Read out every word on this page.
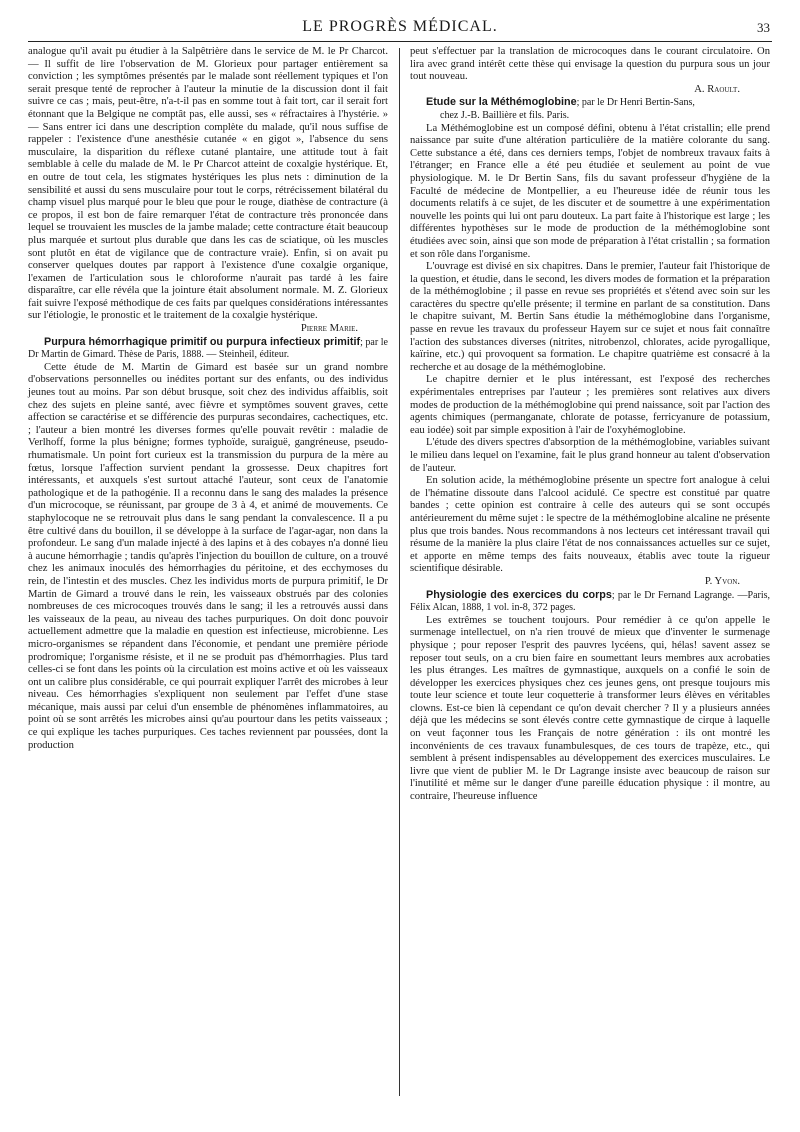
LE PROGRÈS MÉDICAL.	33

analogue qu'il avait pu étudier à la Salpêtrière dans le service de M. le Pr Charcot. — Il suffit de lire l'observation de M. Glorieux pour partager entièrement sa conviction ; les symptômes présentés par le malade sont réellement typiques et l'on serait presque tenté de reprocher à l'auteur la minutie de la discussion dont il fait suivre ce cas ; mais, peut-être, n'a-t-il pas en somme tout à fait tort, car il serait fort étonnant que la Belgique ne comptât pas, elle aussi, ses « réfractaires à l'hystérie. » — Sans entrer ici dans une description complète du malade, qu'il nous suffise de rappeler : l'existence d'une anesthésie cutanée « en gigot », l'absence du sens musculaire, la disparition du réflexe cutané plantaire, une attitude tout à fait semblable à celle du malade de M. le Pr Charcot atteint de coxalgie hystérique. Et, en outre de tout cela, les stigmates hystériques les plus nets : diminution de la sensibilité et aussi du sens musculaire pour tout le corps, rétrécissement bilatéral du champ visuel plus marqué pour le bleu que pour le rouge, diathèse de contracture (à ce propos, il est bon de faire remarquer l'état de contracture très prononcée dans lequel se trouvaient les muscles de la jambe malade; cette contracture était beaucoup plus marquée et surtout plus durable que dans les cas de sciatique, où les muscles sont plutôt en état de vigilance que de contracture vraie). Enfin, si on avait pu conserver quelques doutes par rapport à l'existence d'une coxalgie organique, l'examen de l'articulation sous le chloroforme n'aurait pas tardé à les faire disparaître, car elle révéla que la jointure était absolument normale. M. Z. Glorieux fait suivre l'exposé méthodique de ces faits par quelques considérations intéressantes sur l'étiologie, le pronostic et le traitement de la coxalgie hystérique.

Pierre Marie.

Purpura hémorrhagique primitif ou purpura infectieux primitif; par le Dr Martin de Gimard. Thèse de Paris, 1888. — Steinheil, éditeur.

Cette étude de M. Martin de Gimard est basée sur un grand nombre d'observations personnelles ou inédites portant sur des enfants, ou des individus jeunes tout au moins. Par son début brusque, soit chez des individus affaiblis, soit chez des sujets en pleine santé, avec fièvre et symptômes souvent graves, cette affection se caractérise et se différencie des purpuras secondaires, cachectiques, etc. ; l'auteur a bien montré les diverses formes qu'elle pouvait revêtir : maladie de Verlhoff, forme la plus bénigne; formes typhoïde, suraiguë, gangréneuse, pseudo-rhumatismale. Un point fort curieux est la transmission du purpura de la mère au fœtus, lorsque l'affection survient pendant la grossesse. Deux chapitres fort intéressants, et auxquels s'est surtout attaché l'auteur, sont ceux de l'anatomie pathologique et de la pathogénie. Il a reconnu dans le sang des malades la présence d'un microcoque, se réunissant, par groupe de 3 à 4, et animé de mouvements. Ce staphylocoque ne se retrouvait plus dans le sang pendant la convalescence. Il a pu être cultivé dans du bouillon, il se développe à la surface de l'agar-agar, non dans la profondeur. Le sang d'un malade injecté à des lapins et à des cobayes n'a donné lieu à aucune hémorrhagie ; tandis qu'après l'injection du bouillon de culture, on a trouvé chez les animaux inoculés des hémorrhagies du péritoine, et des ecchymoses du rein, de l'intestin et des muscles. Chez les individus morts de purpura primitif, le Dr Martin de Gimard a trouvé dans le rein, les vaisseaux obstrués par des colonies nombreuses de ces microcoques trouvés dans le sang; il les a retrouvés aussi dans les vaisseaux de la peau, au niveau des taches purpuriques. On doit donc pouvoir actuellement admettre que la maladie en question est infectieuse, microbienne. Les micro-organismes se répandent dans l'économie, et pendant une première période prodromique; l'organisme résiste, et il ne se produit pas d'hémorrhagies. Plus tard celles-ci se font dans les points où la circulation est moins active et où les vaisseaux ont un calibre plus considérable, ce qui pourrait expliquer l'arrêt des microbes à leur niveau. Ces hémorrhagies s'expliquent non seulement par l'effet d'une stase mécanique, mais aussi par celui d'un ensemble de phénomènes inflammatoires, au point où se sont arrêtés les microbes ainsi qu'au pourtour dans les petits vaisseaux ; ce qui explique les taches purpuriques. Ces taches reviennent par poussées, dont la production

peut s'effectuer par la translation de microcoques dans le courant circulatoire. On lira avec grand intérêt cette thèse qui envisage la question du purpura sous un jour tout nouveau.

A. Raoult.

Etude sur la Méthémoglobine; par le Dr Henri Bertin-Sans,
chez J.-B. Baillière et fils. Paris.

La Méthémoglobine est un composé défini, obtenu à l'état cristallin; elle prend naissance par suite d'une altération particulière de la matière colorante du sang. Cette substance a été, dans ces derniers temps, l'objet de nombreux travaux faits à l'étranger; en France elle a été peu étudiée et seulement au point de vue physiologique. M. le Dr Bertin Sans, fils du savant professeur d'hygiène de la Faculté de médecine de Montpellier, a eu l'heureuse idée de réunir tous les documents relatifs à ce sujet, de les discuter et de soumettre à une expérimentation nouvelle les points qui lui ont paru douteux. La part faite à l'historique est large ; les différentes hypothèses sur le mode de production de la méthémoglobine sont étudiées avec soin, ainsi que son mode de préparation à l'état cristallin ; sa formation et son rôle dans l'organisme.

L'ouvrage est divisé en six chapitres. Dans le premier, l'auteur fait l'historique de la question, et étudie, dans le second, les divers modes de formation et la préparation de la méthémoglobine ; il passe en revue ses propriétés et s'étend avec soin sur les caractères du spectre qu'elle présente; il termine en parlant de sa constitution. Dans le chapitre suivant, M. Bertin Sans étudie la méthémoglobine dans l'organisme, passe en revue les travaux du professeur Hayem sur ce sujet et nous fait connaître l'action des substances diverses (nitrites, nitrobenzol, chlorates, acide pyrogallique, kaïrine, etc.) qui provoquent sa formation. Le chapitre quatrième est consacré à la recherche et au dosage de la méthémoglobine.

Le chapitre dernier et le plus intéressant, est l'exposé des recherches expérimentales entreprises par l'auteur ; les premières sont relatives aux divers modes de production de la méthémoglobine qui prend naissance, soit par l'action des agents chimiques (permanganate, chlorate de potasse, ferricyanure de potassium, eau iodée) soit par simple exposition à l'air de l'oxyhémoglobine.

L'étude des divers spectres d'absorption de la méthémoglobine, variables suivant le milieu dans lequel on l'examine, fait le plus grand honneur au talent d'observation de l'auteur.

En solution acide, la méthémoglobine présente un spectre fort analogue à celui de l'hématine dissoute dans l'alcool acidulé. Ce spectre est constitué par quatre bandes ; cette opinion est contraire à celle des auteurs qui se sont occupés antérieurement du même sujet : le spectre de la méthémoglobine alcaline ne présente plus que trois bandes. Nous recommandons à nos lecteurs cet intéressant travail qui résume de la manière la plus claire l'état de nos connaissances actuelles sur ce sujet, et apporte en même temps des faits nouveaux, établis avec toute la rigueur scientifique désirable.

P. Yvon.

Physiologie des exercices du corps; par le Dr Fernand Lagrange. —Paris, Félix Alcan, 1888, 1 vol. in-8, 372 pages.

Les extrêmes se touchent toujours. Pour remédier à ce qu'on appelle le surmenage intellectuel, on n'a rien trouvé de mieux que d'inventer le surmenage physique ; pour reposer l'esprit des pauvres lycéens, qui, hélas! savent assez se reposer tout seuls, on a cru bien faire en soumettant leurs membres aux acrobaties les plus étranges. Les maîtres de gymnastique, auxquels on a confié le soin de développer les exercices physiques chez ces jeunes gens, ont presque toujours mis toute leur science et toute leur coquetterie à transformer leurs élèves en véritables clowns. Est-ce bien là cependant ce qu'on devait chercher ? Il y a plusieurs années déjà que les médecins se sont élevés contre cette gymnastique de cirque à laquelle on veut façonner tous les Français de notre génération : ils ont montré les inconvénients de ces travaux funambulesques, de ces tours de trapèze, etc., qui semblent à présent indispensables au développement des exercices musculaires. Le livre que vient de publier M. le Dr Lagrange insiste avec beaucoup de raison sur l'inutilité et même sur le danger d'une pareille éducation physique : il montre, au contraire, l'heureuse influence
